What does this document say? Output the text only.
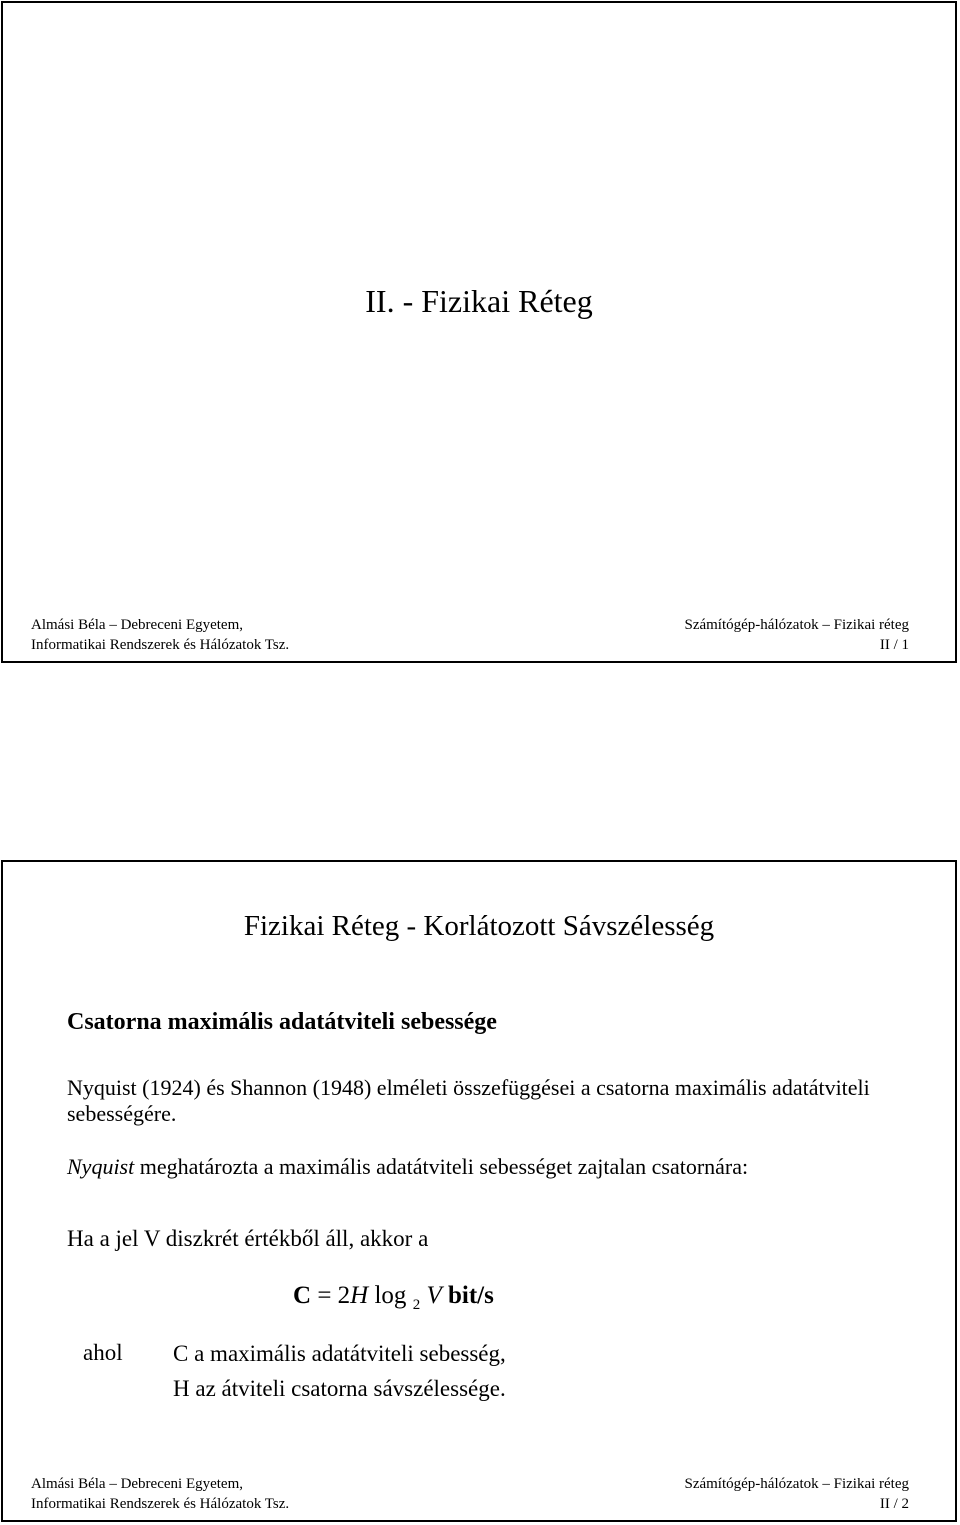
II. - Fizikai Réteg
Almási Béla – Debreceni Egyetem,	Számítógép-hálózatok – Fizikai réteg
Informatikai Rendszerek és Hálózatok Tsz.	II / 1
Fizikai Réteg - Korlátozott Sávszélesség
Csatorna maximális adatátviteli sebessége
Nyquist (1924) és Shannon (1948) elméleti összefüggései a csatorna maximális adatátviteli sebességére.
Nyquist meghatározta a maximális adatátviteli sebességet zajtalan csatornára:
Ha a jel V diszkrét értékből áll, akkor a
C = 2H log $_2$ V bit/s
ahol C a maximális adatátviteli sebesség,
H az átviteli csatorna sávszélessége.
Almási Béla – Debreceni Egyetem,	Számítógép-hálózatok – Fizikai réteg
Informatikai Rendszerek és Hálózatok Tsz.	II / 2
